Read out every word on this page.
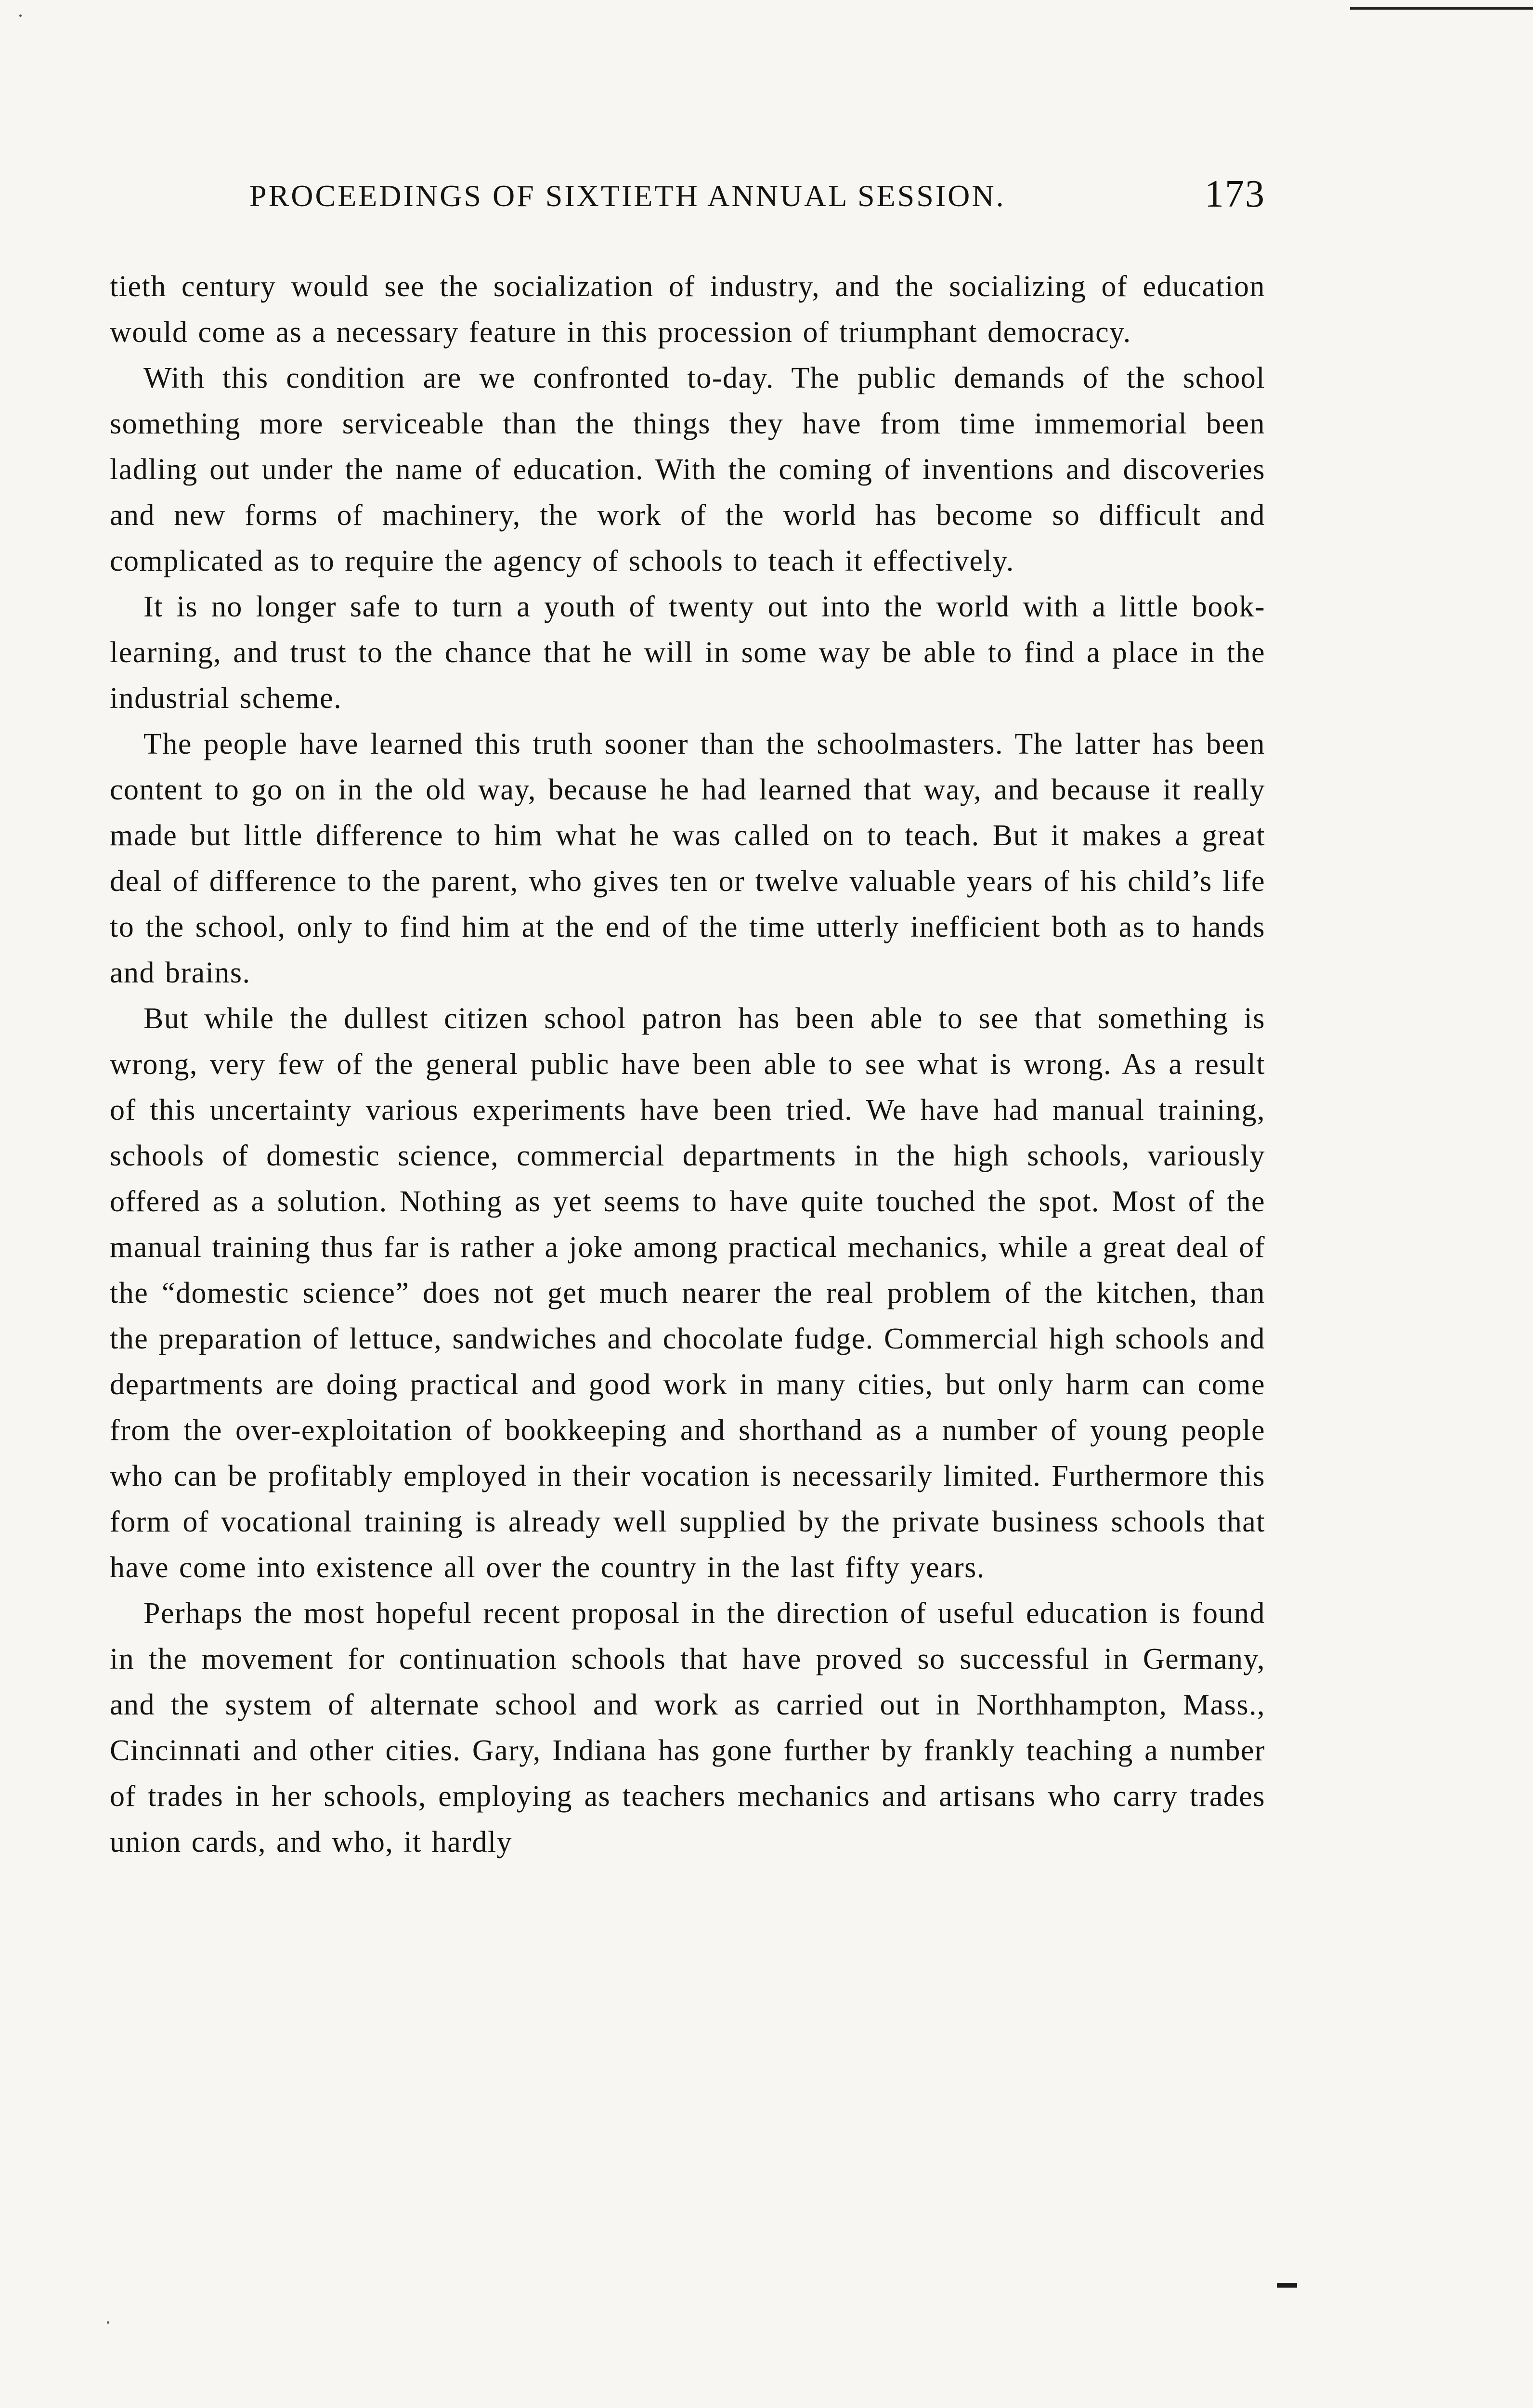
PROCEEDINGS OF SIXTIETH ANNUAL SESSION.	173

tieth century would see the socialization of industry, and the socializing of education would come as a necessary feature in this procession of triumphant democracy.

With this condition are we confronted to-day. The public demands of the school something more serviceable than the things they have from time immemorial been ladling out under the name of education. With the coming of inventions and discoveries and new forms of machinery, the work of the world has become so difficult and complicated as to require the agency of schools to teach it effectively.

It is no longer safe to turn a youth of twenty out into the world with a little book-learning, and trust to the chance that he will in some way be able to find a place in the industrial scheme.

The people have learned this truth sooner than the schoolmasters. The latter has been content to go on in the old way, because he had learned that way, and because it really made but little difference to him what he was called on to teach. But it makes a great deal of difference to the parent, who gives ten or twelve valuable years of his child’s life to the school, only to find him at the end of the time utterly inefficient both as to hands and brains.

But while the dullest citizen school patron has been able to see that something is wrong, very few of the general public have been able to see what is wrong. As a result of this uncertainty various experiments have been tried. We have had manual training, schools of domestic science, commercial departments in the high schools, variously offered as a solution. Nothing as yet seems to have quite touched the spot. Most of the manual training thus far is rather a joke among practical mechanics, while a great deal of the “domestic science” does not get much nearer the real problem of the kitchen, than the preparation of lettuce, sandwiches and chocolate fudge. Commercial high schools and departments are doing practical and good work in many cities, but only harm can come from the over-exploitation of bookkeeping and shorthand as a number of young people who can be profitably employed in their vocation is necessarily limited. Furthermore this form of vocational training is already well supplied by the private business schools that have come into existence all over the country in the last fifty years.

Perhaps the most hopeful recent proposal in the direction of useful education is found in the movement for continuation schools that have proved so successful in Germany, and the system of alternate school and work as carried out in Northhampton, Mass., Cincinnati and other cities. Gary, Indiana has gone further by frankly teaching a number of trades in her schools, employing as teachers mechanics and artisans who carry trades union cards, and who, it hardly
